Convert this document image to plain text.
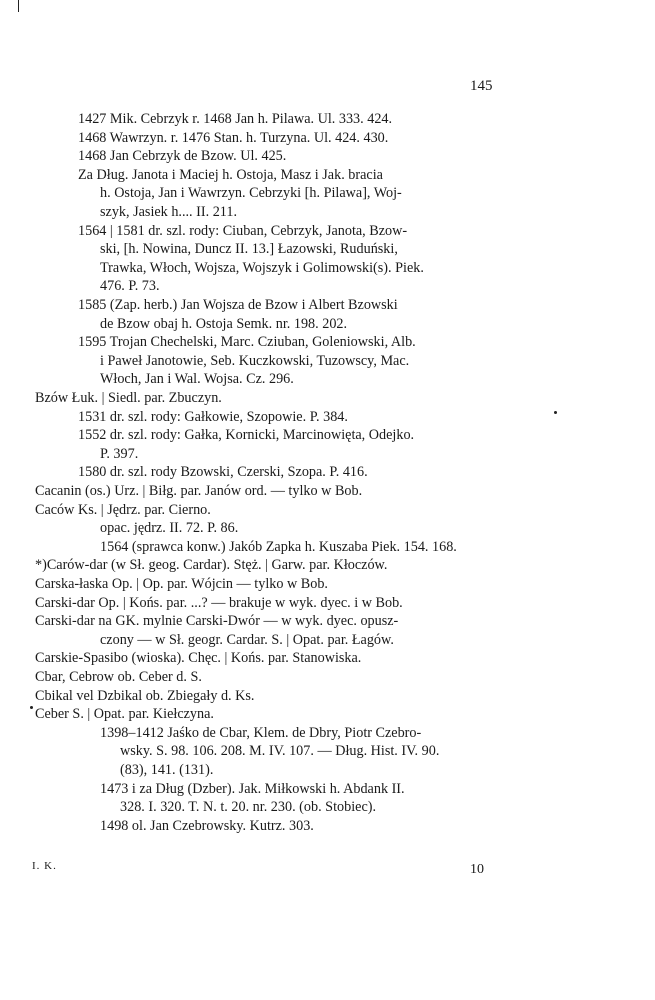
145
1427 Mik. Cebrzyk r. 1468 Jan h. Pilawa. Ul. 333. 424.
1468 Wawrzyn. r. 1476 Stan. h. Turzyna. Ul. 424. 430.
1468 Jan Cebrzyk de Bzow. Ul. 425.
Za Dług. Janota i Maciej h. Ostoja, Masz i Jak. bracia
h. Ostoja, Jan i Wawrzyn. Cebrzyki [h. Pilawa], Woj-
szyk, Jasiek h.... II. 211.
1564 | 1581 dr. szl. rody: Ciuban, Cebrzyk, Janota, Bzow-
ski, [h. Nowina, Duncz II. 13.] Łazowski, Ruduński,
Trawka, Włoch, Wojsza, Wojszyk i Golimowski(s). Piek.
476. P. 73.
1585 (Zap. herb.) Jan Wojsza de Bzow i Albert Bzowski
de Bzow obaj h. Ostoja Semk. nr. 198. 202.
1595 Trojan Chechelski, Marc. Cziuban, Goleniowski, Alb.
i Paweł Janotowie, Seb. Kuczkowski, Tuzowscy, Mac.
Włoch, Jan i Wal. Wojsa. Cz. 296.
Bzów Łuk. | Siedl. par. Zbuczyn.
1531 dr. szl. rody: Gałkowie, Szopowie. P. 384.
1552 dr. szl. rody: Gałka, Kornicki, Marcinowięta, Odejko.
P. 397.
1580 dr. szl. rody Bzowski, Czerski, Szopa. P. 416.
Cacanin (os.) Urz. | Biłg. par. Janów ord. — tylko w Bob.
Caców Ks. | Jędrz. par. Cierno.
opac. jędrz. II. 72. P. 86.
1564 (sprawca konw.) Jakób Zapka h. Kuszaba Piek. 154. 168.
*)Carów-dar (w Sł. geog. Cardar). Stęż. | Garw. par. Kłoczów.
Carska-łaska Op. | Op. par. Wójcin — tylko w Bob.
Carski-dar Op. | Końs. par. ...? — brakuje w wyk. dyec. i w Bob.
Carski-dar na GK. mylnie Carski-Dwór — w wyk. dyec. opusz-
czony — w Sł. geogr. Cardar. S. | Opat. par. Łagów.
Carskie-Spasibo (wioska). Chęc. | Końs. par. Stanowiska.
Cbar, Cebrow ob. Ceber d. S.
Cbikal vel Dzbikal ob. Zbiegały d. Ks.
Ceber S. | Opat. par. Kiełczyna.
1398–1412 Jaśko de Cbar, Klem. de Dbry, Piotr Czebro-
wsky. S. 98. 106. 208. M. IV. 107. — Dług. Hist. IV. 90.
(83), 141. (131).
1473 i za Dług (Dzber). Jak. Miłkowski h. Abdank II.
328. I. 320. T. N. t. 20. nr. 230. (ob. Stobiec).
1498 ol. Jan Czebrowsky. Kutrz. 303.
I. K.	10
